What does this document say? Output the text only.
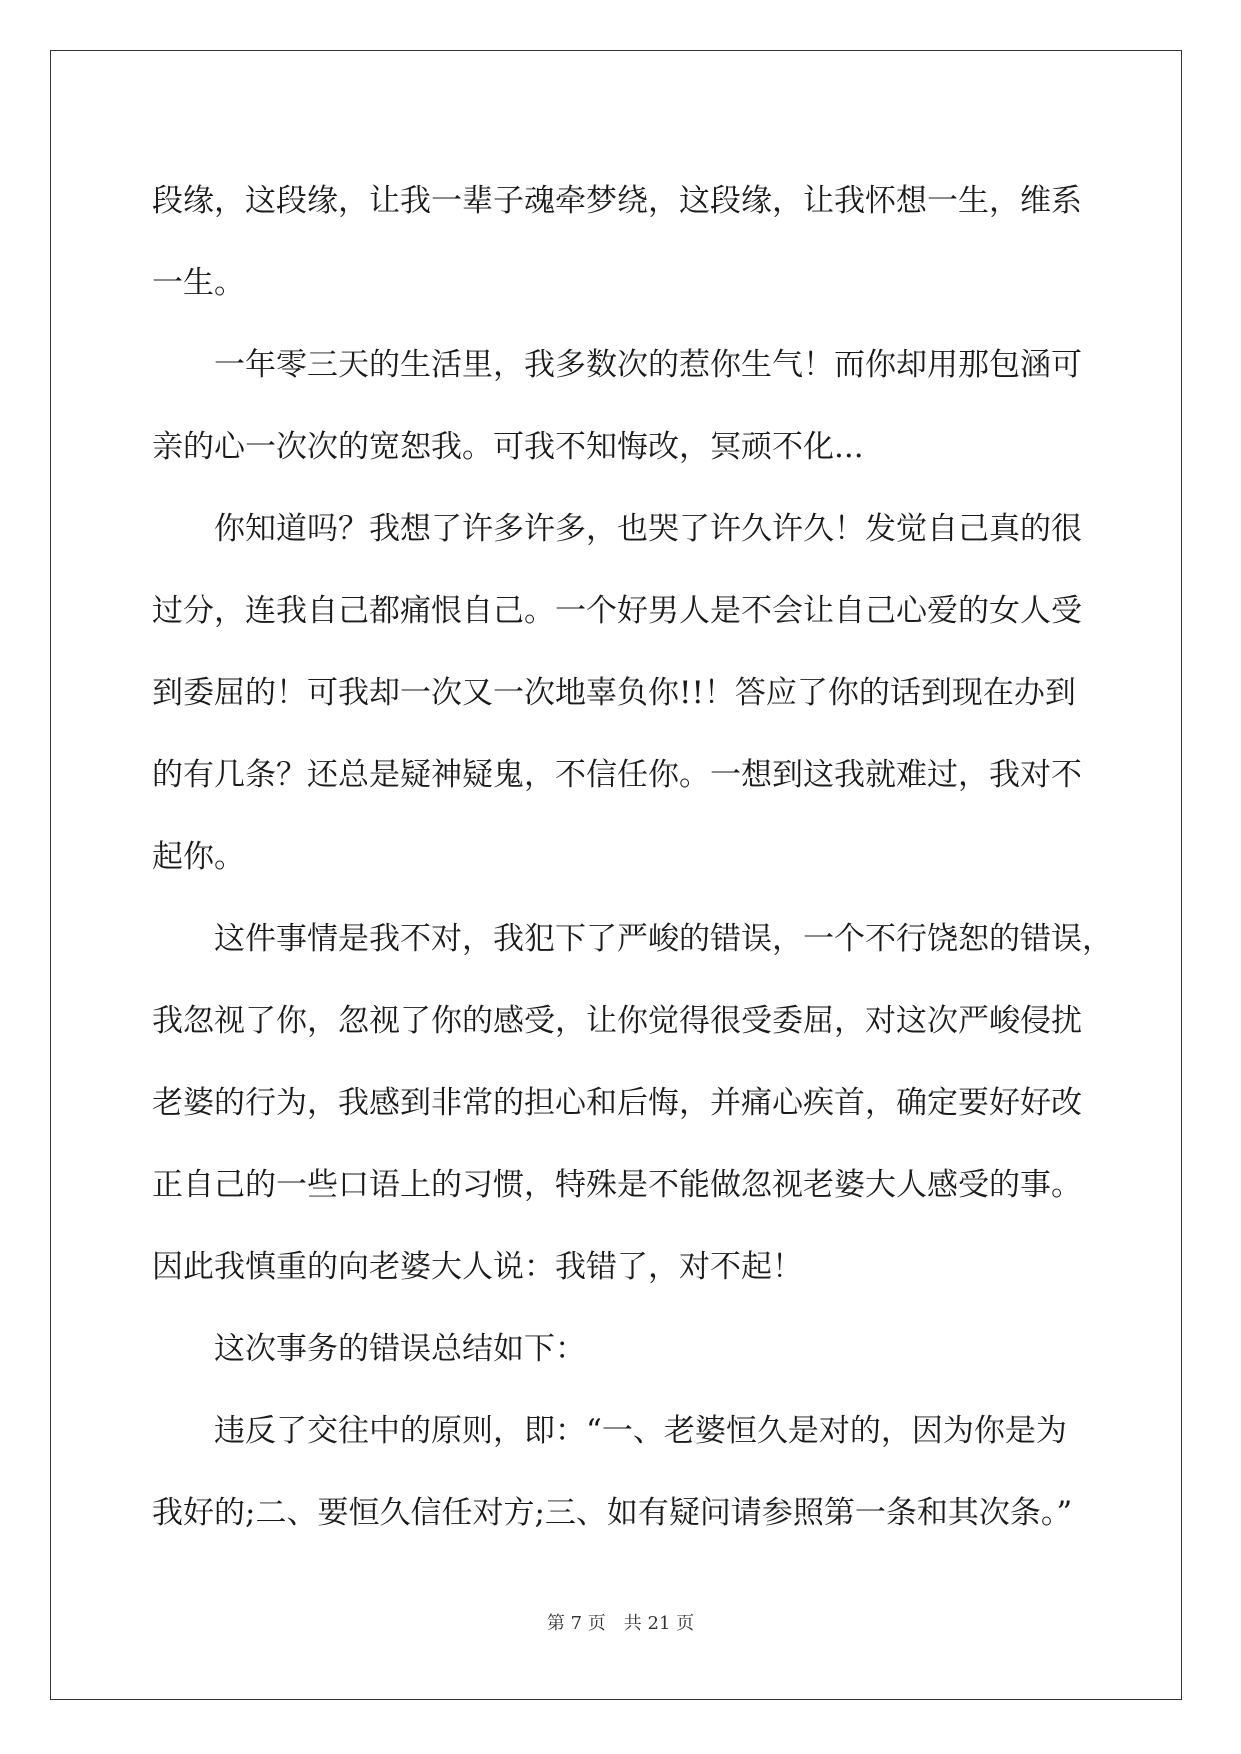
段缘，这段缘，让我一辈子魂牵梦绕，这段缘，让我怀想一生，维系
一生。
一年零三天的生活里，我多数次的惹你生气！而你却用那包涵可
亲的心一次次的宽恕我。可我不知悔改，冥顽不化...
你知道吗？我想了许多许多，也哭了许久许久！发觉自己真的很
过分，连我自己都痛恨自己。一个好男人是不会让自己心爱的女人受
到委屈的！可我却一次又一次地辜负你!!！答应了你的话到现在办到
的有几条？还总是疑神疑鬼，不信任你。一想到这我就难过，我对不
起你。
这件事情是我不对，我犯下了严峻的错误，一个不行饶恕的错误，
我忽视了你，忽视了你的感受，让你觉得很受委屈，对这次严峻侵扰
老婆的行为，我感到非常的担心和后悔，并痛心疾首，确定要好好改
正自己的一些口语上的习惯，特殊是不能做忽视老婆大人感受的事。
因此我慎重的向老婆大人说：我错了，对不起！
这次事务的错误总结如下：
违反了交往中的原则，即：“一、老婆恒久是对的，因为你是为
我好的;二、要恒久信任对方;三、如有疑问请参照第一条和其次条。”
第 7 页　共 21 页
